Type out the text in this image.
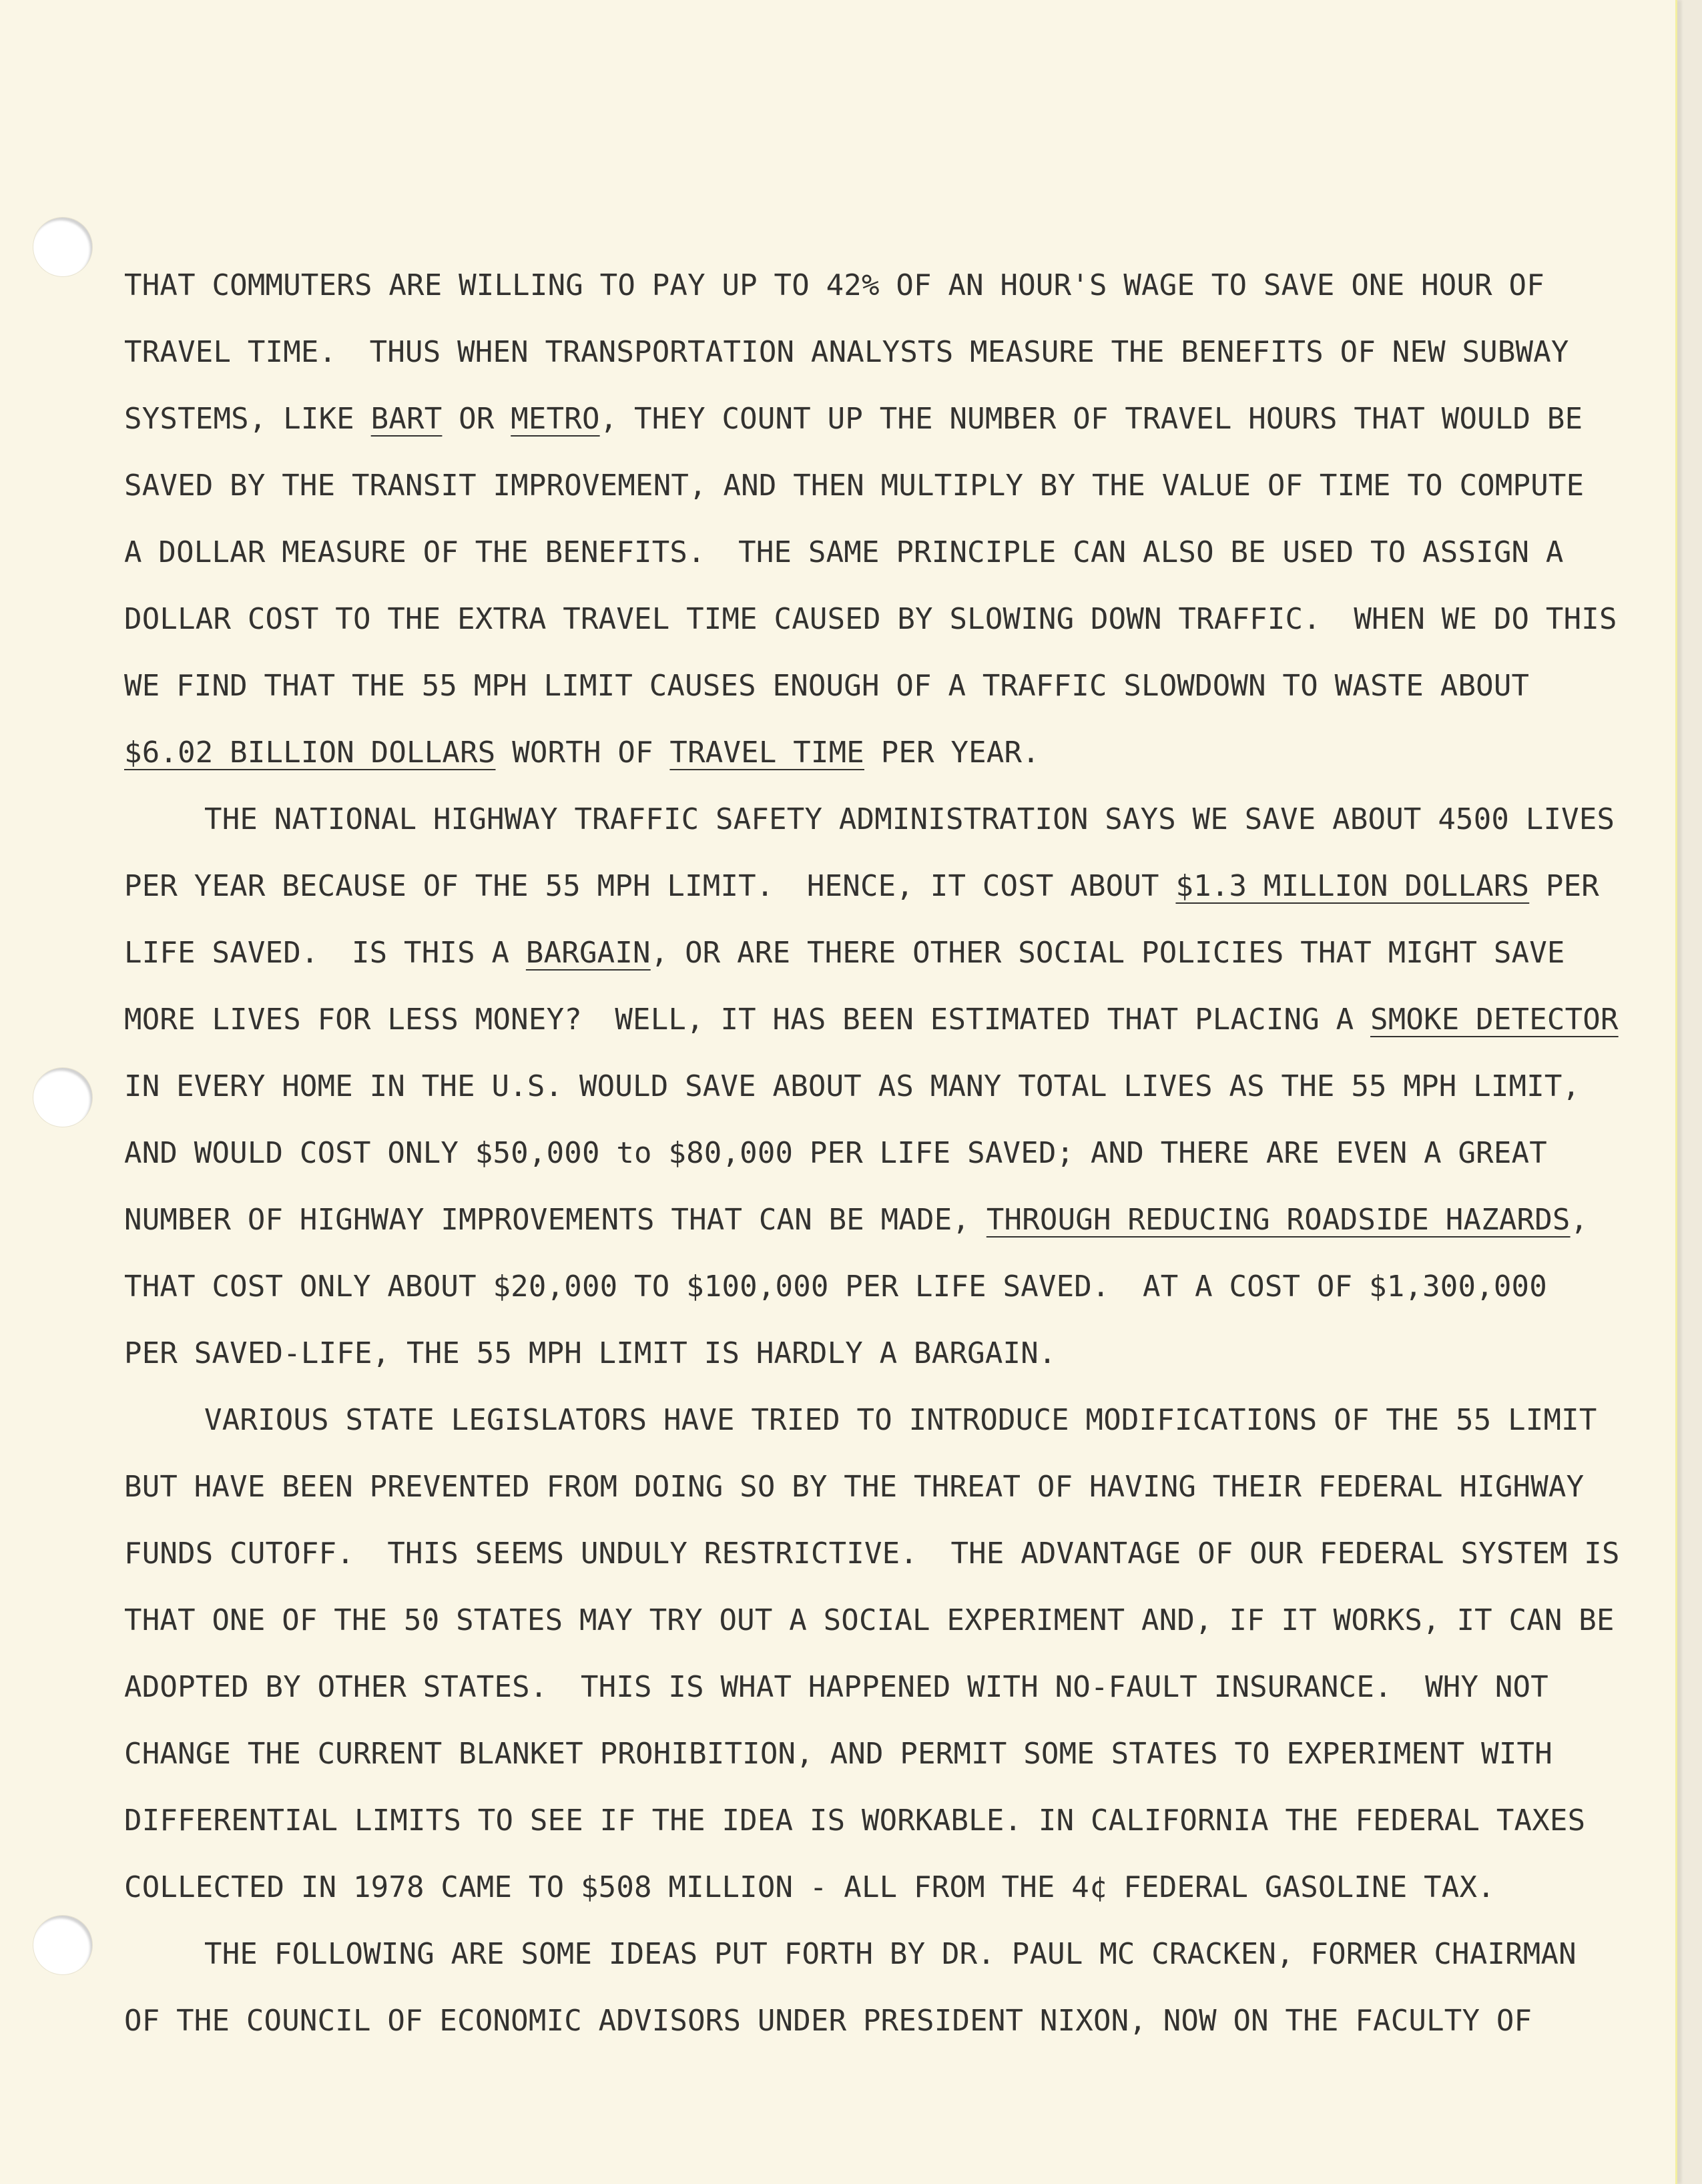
THAT COMMUTERS ARE WILLING TO PAY UP TO 42% OF AN HOUR'S WAGE TO SAVE ONE HOUR OF
TRAVEL TIME.  THUS WHEN TRANSPORTATION ANALYSTS MEASURE THE BENEFITS OF NEW SUBWAY
SYSTEMS, LIKE BART OR METRO, THEY COUNT UP THE NUMBER OF TRAVEL HOURS THAT WOULD BE
SAVED BY THE TRANSIT IMPROVEMENT, AND THEN MULTIPLY BY THE VALUE OF TIME TO COMPUTE
A DOLLAR MEASURE OF THE BENEFITS.  THE SAME PRINCIPLE CAN ALSO BE USED TO ASSIGN A
DOLLAR COST TO THE EXTRA TRAVEL TIME CAUSED BY SLOWING DOWN TRAFFIC.  WHEN WE DO THIS
WE FIND THAT THE 55 MPH LIMIT CAUSES ENOUGH OF A TRAFFIC SLOWDOWN TO WASTE ABOUT
$6.02 BILLION DOLLARS WORTH OF TRAVEL TIME PER YEAR.
THE NATIONAL HIGHWAY TRAFFIC SAFETY ADMINISTRATION SAYS WE SAVE ABOUT 4500 LIVES
PER YEAR BECAUSE OF THE 55 MPH LIMIT.  HENCE, IT COST ABOUT $1.3 MILLION DOLLARS PER
LIFE SAVED.  IS THIS A BARGAIN, OR ARE THERE OTHER SOCIAL POLICIES THAT MIGHT SAVE
MORE LIVES FOR LESS MONEY?  WELL, IT HAS BEEN ESTIMATED THAT PLACING A SMOKE DETECTOR
IN EVERY HOME IN THE U.S. WOULD SAVE ABOUT AS MANY TOTAL LIVES AS THE 55 MPH LIMIT,
AND WOULD COST ONLY $50,000 to $80,000 PER LIFE SAVED; AND THERE ARE EVEN A GREAT
NUMBER OF HIGHWAY IMPROVEMENTS THAT CAN BE MADE, THROUGH REDUCING ROADSIDE HAZARDS,
THAT COST ONLY ABOUT $20,000 TO $100,000 PER LIFE SAVED.  AT A COST OF $1,300,000
PER SAVED-LIFE, THE 55 MPH LIMIT IS HARDLY A BARGAIN.
VARIOUS STATE LEGISLATORS HAVE TRIED TO INTRODUCE MODIFICATIONS OF THE 55 LIMIT
BUT HAVE BEEN PREVENTED FROM DOING SO BY THE THREAT OF HAVING THEIR FEDERAL HIGHWAY
FUNDS CUTOFF.  THIS SEEMS UNDULY RESTRICTIVE.  THE ADVANTAGE OF OUR FEDERAL SYSTEM IS
THAT ONE OF THE 50 STATES MAY TRY OUT A SOCIAL EXPERIMENT AND, IF IT WORKS, IT CAN BE
ADOPTED BY OTHER STATES.  THIS IS WHAT HAPPENED WITH NO-FAULT INSURANCE.  WHY NOT
CHANGE THE CURRENT BLANKET PROHIBITION, AND PERMIT SOME STATES TO EXPERIMENT WITH
DIFFERENTIAL LIMITS TO SEE IF THE IDEA IS WORKABLE. IN CALIFORNIA THE FEDERAL TAXES
COLLECTED IN 1978 CAME TO $508 MILLION - ALL FROM THE 4¢ FEDERAL GASOLINE TAX.
THE FOLLOWING ARE SOME IDEAS PUT FORTH BY DR. PAUL MC CRACKEN, FORMER CHAIRMAN
OF THE COUNCIL OF ECONOMIC ADVISORS UNDER PRESIDENT NIXON, NOW ON THE FACULTY OF
